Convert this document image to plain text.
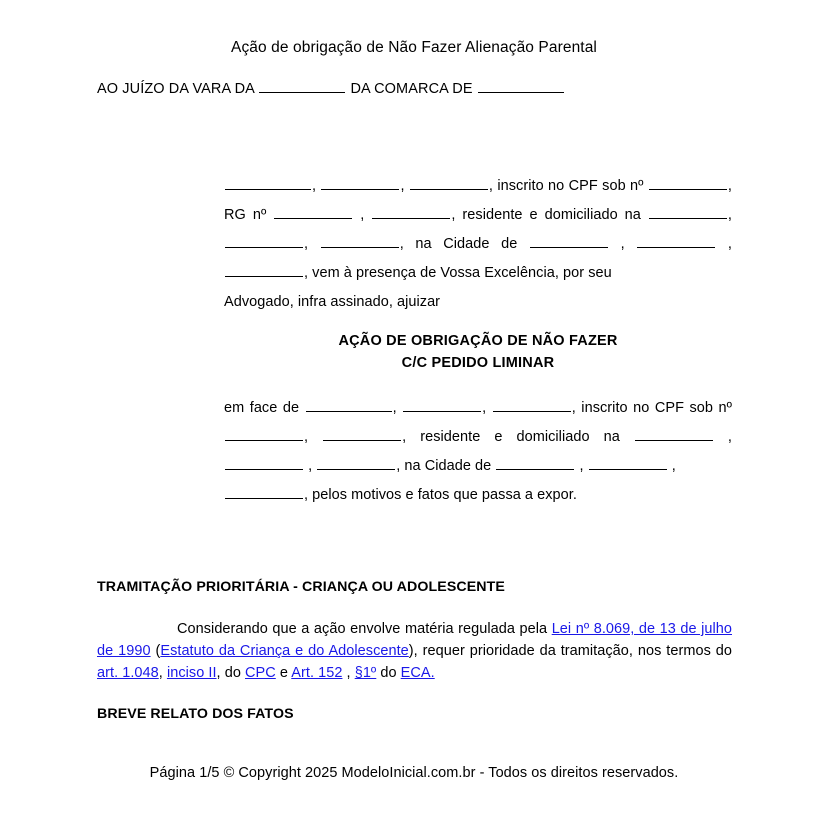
Ação de obrigação de Não Fazer Alienação Parental
AO JUÍZO DA VARA DA	DA COMARCA DE
,	,	, inscrito no CPF sob nº	, RG nº	,	, residente e domiciliado na	, ,	, na Cidade de	,	, , vem à presença de Vossa Excelência, por seu
Advogado, infra assinado, ajuizar
AÇÃO DE OBRIGAÇÃO DE NÃO FAZER
C/C PEDIDO LIMINAR
em face de	,	,	, inscrito no CPF sob nº ,	, residente e domiciliado na	,  ,	, na Cidade de	,	,
, pelos motivos e fatos que passa a expor.
TRAMITAÇÃO PRIORITÁRIA - CRIANÇA OU ADOLESCENTE
Considerando que a ação envolve matéria regulada pela Lei nº 8.069, de 13 de julho de 1990 (Estatuto da Criança e do Adolescente), requer prioridade da tramitação, nos termos do art. 1.048, inciso II, do CPC e Art. 152 , §1º do ECA.
BREVE RELATO DOS FATOS
Página 1/5 © Copyright 2025 ModeloInicial.com.br - Todos os direitos reservados.
